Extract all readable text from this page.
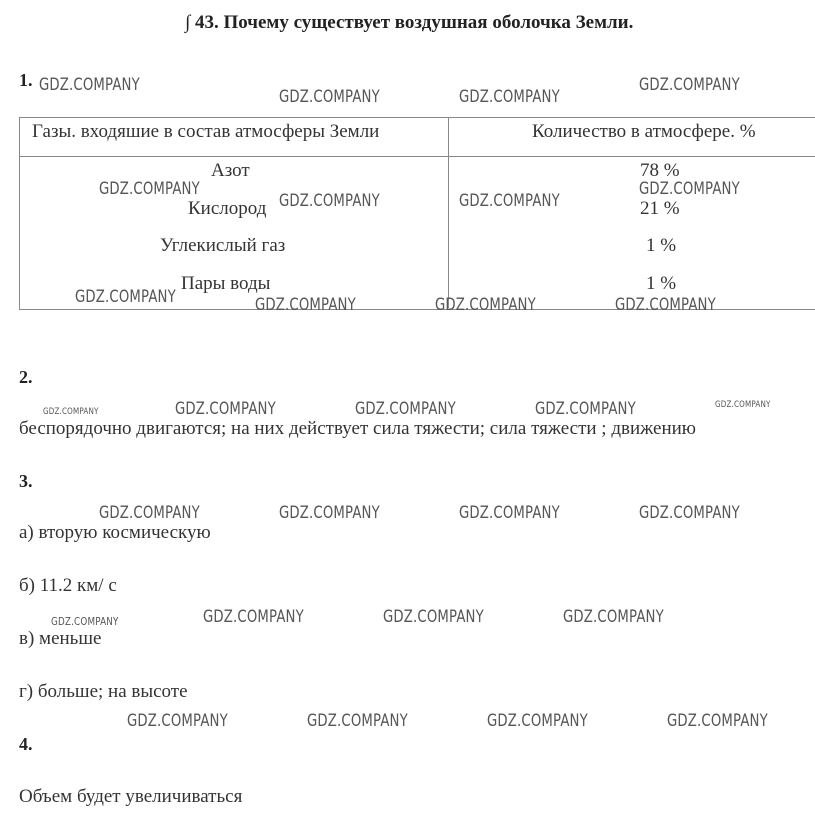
∫ 43. Почему существует воздушная оболочка Земли.
1.
Газы. входяшие в состав атмосферы Земли	Количество в атмосфере. %
Азот	78 %
Кислород	21 %
Углекислый газ	1 %
Пары воды	1 %
2.
беспорядочно двигаются; на них действует сила тяжести; сила тяжести ; движению
3.
а) вторую космическую
б) 11.2 км/ с
в) меньше
г) больше; на высоте
4.
Объем будет увеличиваться
GDZ.COMPANY
GDZ.COMPANY	GDZ.COMPANY
GDZ.COMPANY
GDZ.COMPANY
GDZ.COMPANY	GDZ.COMPANY
GDZ.COMPANY
GDZ.COMPANY	GDZ.COMPANY	GDZ.COMPANY	GDZ.COMPANY
GDZ.COMPANY	GDZ.COMPANY	GDZ.COMPANY	GDZ.COMPANY	GDZ.COMPANY
GDZ.COMPANY	GDZ.COMPANY	GDZ.COMPANY	GDZ.COMPANY
GDZ.COMPANY	GDZ.COMPANY	GDZ.COMPANY	GDZ.COMPANY
GDZ.COMPANY	GDZ.COMPANY	GDZ.COMPANY	GDZ.COMPANY
